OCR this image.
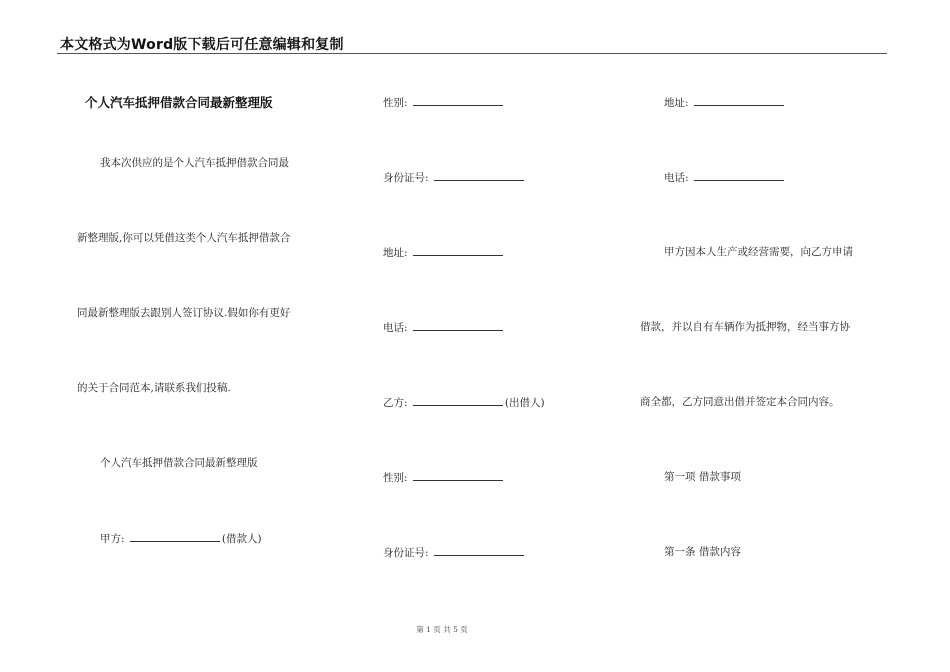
本文格式为Word版下载后可任意编辑和复制
个人汽车抵押借款合同最新整理版
我本次供应的是个人汽车抵押借款合同最
新整理版,你可以凭借这类个人汽车抵押借款合
同最新整理版去跟别人签订协议.假如你有更好
的关于合同范本,请联系我们投稿.
个人汽车抵押借款合同最新整理版
甲方:	(借款人)
性别:
身份证号:
地址:
电话:
乙方:	(出借人)
性别:
身份证号:
地址:
电话:
甲方因本人生产或经营需要，向乙方申请
借款，并以自有车辆作为抵押物，经当事方协
商全都，乙方同意出借并签定本合同内容。
第一项 借款事项
第一条 借款内容
第 1 页 共 5 页
